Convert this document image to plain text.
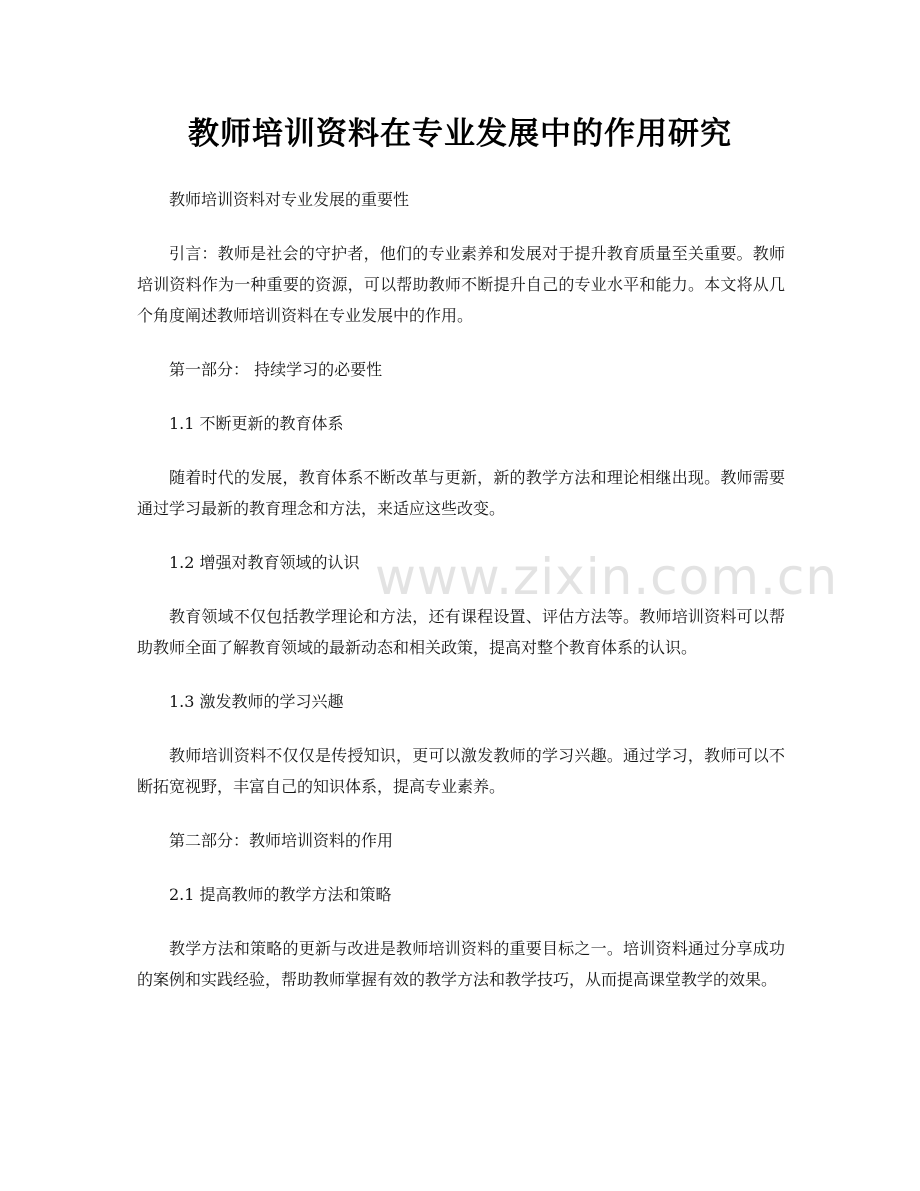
教师培训资料在专业发展中的作用研究

教师培训资料对专业发展的重要性

引言：教师是社会的守护者，他们的专业素养和发展对于提升教育质量至关重要。教师培训资料作为一种重要的资源，可以帮助教师不断提升自己的专业水平和能力。本文将从几个角度阐述教师培训资料在专业发展中的作用。

第一部分： 持续学习的必要性

1.1 不断更新的教育体系

随着时代的发展，教育体系不断改革与更新，新的教学方法和理论相继出现。教师需要通过学习最新的教育理念和方法，来适应这些改变。

1.2 增强对教育领域的认识

教育领域不仅包括教学理论和方法，还有课程设置、评估方法等。教师培训资料可以帮助教师全面了解教育领域的最新动态和相关政策，提高对整个教育体系的认识。

1.3 激发教师的学习兴趣

教师培训资料不仅仅是传授知识，更可以激发教师的学习兴趣。通过学习，教师可以不断拓宽视野，丰富自己的知识体系，提高专业素养。

第二部分：教师培训资料的作用

2.1 提高教师的教学方法和策略

教学方法和策略的更新与改进是教师培训资料的重要目标之一。培训资料通过分享成功的案例和实践经验，帮助教师掌握有效的教学方法和教学技巧，从而提高课堂教学的效果。

www.zixin.com.cn
